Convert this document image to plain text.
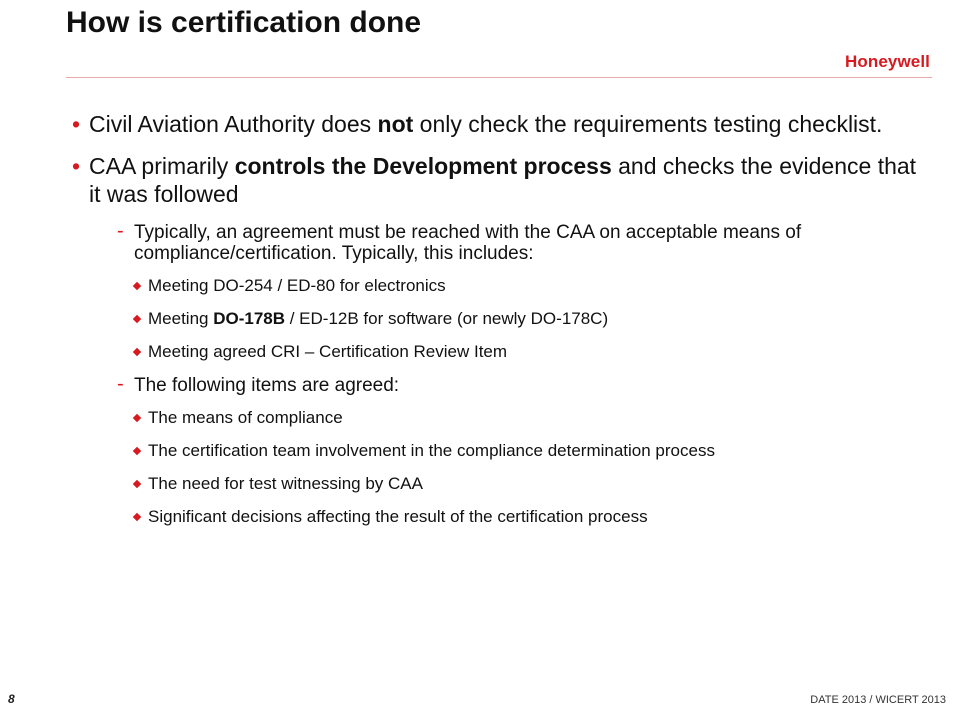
How is certification done
Honeywell
• Civil Aviation Authority does not only check the requirements testing checklist.
• CAA primarily controls the Development process and checks the evidence that it was followed
- Typically, an agreement must be reached with the CAA on acceptable means of compliance/certification. Typically, this includes:
Meeting DO-254 / ED-80 for electronics
Meeting DO-178B / ED-12B for software (or newly DO-178C)
Meeting agreed CRI – Certification Review Item
- The following items are agreed:
The means of compliance
The certification team involvement in the compliance determination process
The need for test witnessing by CAA
Significant decisions affecting the result of the certification process
8	DATE 2013 / WICERT 2013
